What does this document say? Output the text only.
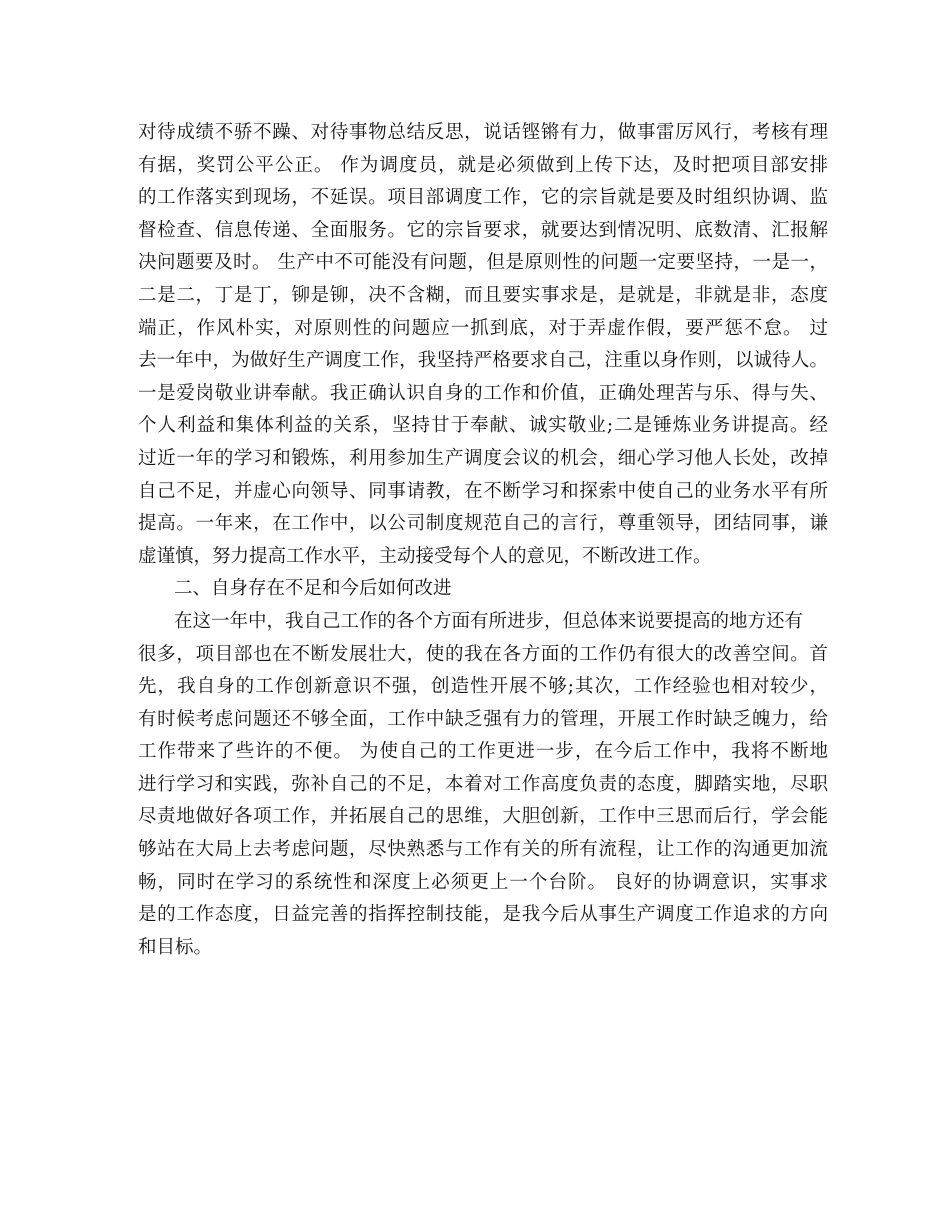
对待成绩不骄不躁、对待事物总结反思，说话铿锵有力，做事雷厉风行，考核有理
有据，奖罚公平公正。 作为调度员，就是必须做到上传下达，及时把项目部安排
的工作落实到现场，不延误。项目部调度工作，它的宗旨就是要及时组织协调、监
督检查、信息传递、全面服务。它的宗旨要求，就要达到情况明、底数清、汇报解
决问题要及时。 生产中不可能没有问题，但是原则性的问题一定要坚持，一是一，
二是二，丁是丁，铆是铆，决不含糊，而且要实事求是，是就是，非就是非，态度
端正，作风朴实，对原则性的问题应一抓到底，对于弄虚作假，要严惩不怠。 过
去一年中，为做好生产调度工作，我坚持严格要求自己，注重以身作则，以诚待人。
一是爱岗敬业讲奉献。我正确认识自身的工作和价值，正确处理苦与乐、得与失、
个人利益和集体利益的关系，坚持甘于奉献、诚实敬业;二是锤炼业务讲提高。经
过近一年的学习和锻炼，利用参加生产调度会议的机会，细心学习他人长处，改掉
自己不足，并虚心向领导、同事请教，在不断学习和探索中使自己的业务水平有所
提高。一年来，在工作中，以公司制度规范自己的言行，尊重领导，团结同事，谦
虚谨慎，努力提高工作水平，主动接受每个人的意见，不断改进工作。
二、自身存在不足和今后如何改进
在这一年中，我自己工作的各个方面有所进步，但总体来说要提高的地方还有
很多，项目部也在不断发展壮大，使的我在各方面的工作仍有很大的改善空间。首
先，我自身的工作创新意识不强，创造性开展不够;其次，工作经验也相对较少，
有时候考虑问题还不够全面，工作中缺乏强有力的管理，开展工作时缺乏魄力，给
工作带来了些许的不便。 为使自己的工作更进一步，在今后工作中，我将不断地
进行学习和实践，弥补自己的不足，本着对工作高度负责的态度，脚踏实地，尽职
尽责地做好各项工作，并拓展自己的思维，大胆创新，工作中三思而后行，学会能
够站在大局上去考虑问题，尽快熟悉与工作有关的所有流程，让工作的沟通更加流
畅，同时在学习的系统性和深度上必须更上一个台阶。 良好的协调意识，实事求
是的工作态度，日益完善的指挥控制技能，是我今后从事生产调度工作追求的方向
和目标。
